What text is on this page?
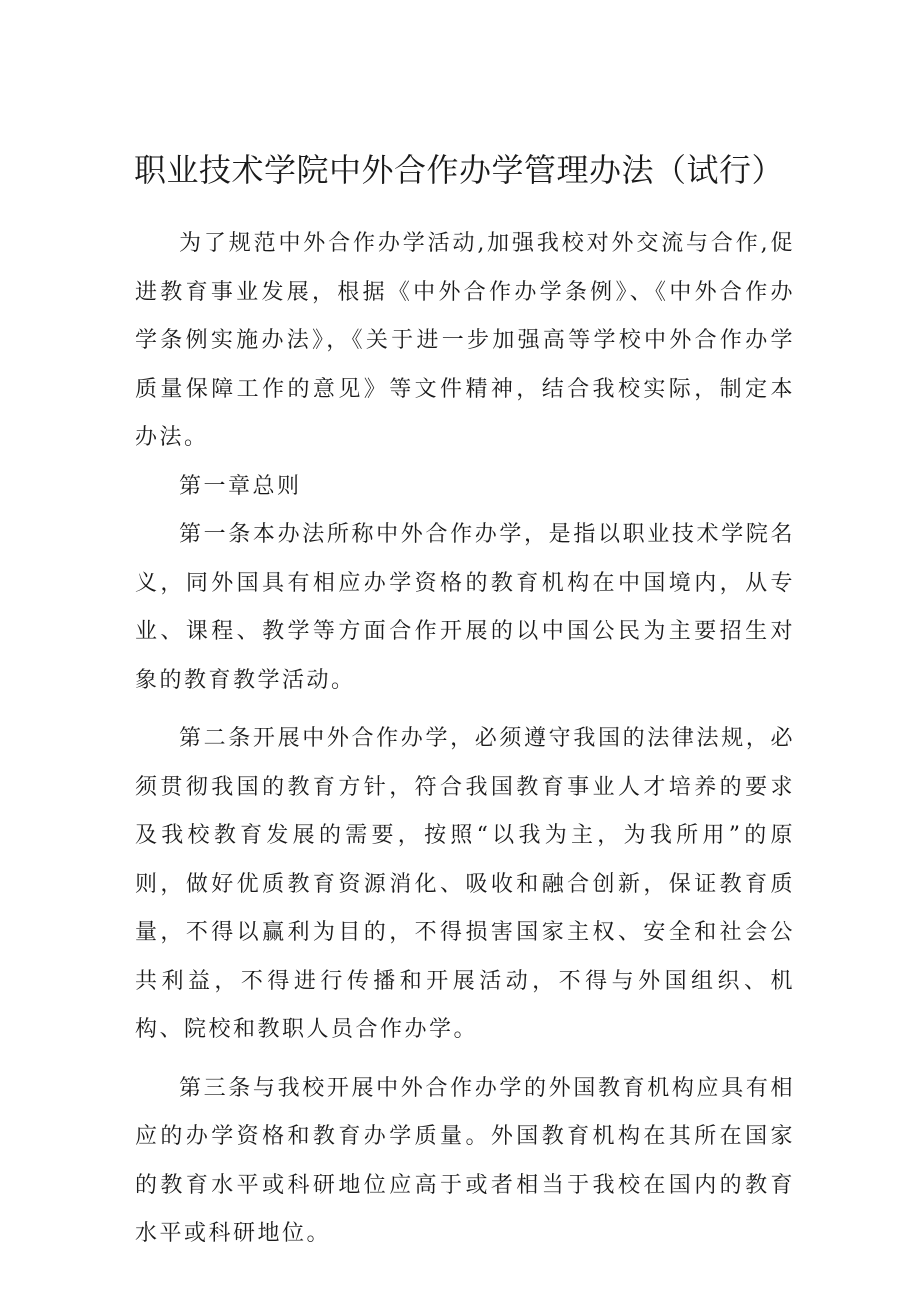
职业技术学院中外合作办学管理办法（试行）

为了规范中外合作办学活动,加强我校对外交流与合作,促进教育事业发展，根据《中外合作办学条例》、《中外合作办学条例实施办法》，《关于进一步加强高等学校中外合作办学质量保障工作的意见》等文件精神，结合我校实际，制定本办法。

第一章总则

第一条本办法所称中外合作办学，是指以职业技术学院名义，同外国具有相应办学资格的教育机构在中国境内，从专业、课程、教学等方面合作开展的以中国公民为主要招生对象的教育教学活动。

第二条开展中外合作办学，必须遵守我国的法律法规，必须贯彻我国的教育方针，符合我国教育事业人才培养的要求及我校教育发展的需要，按照“以我为主，为我所用”的原则，做好优质教育资源消化、吸收和融合创新，保证教育质量，不得以赢利为目的，不得损害国家主权、安全和社会公共利益，不得进行传播和开展活动，不得与外国组织、机构、院校和教职人员合作办学。

第三条与我校开展中外合作办学的外国教育机构应具有相应的办学资格和教育办学质量。外国教育机构在其所在国家的教育水平或科研地位应高于或者相当于我校在国内的教育水平或科研地位。
